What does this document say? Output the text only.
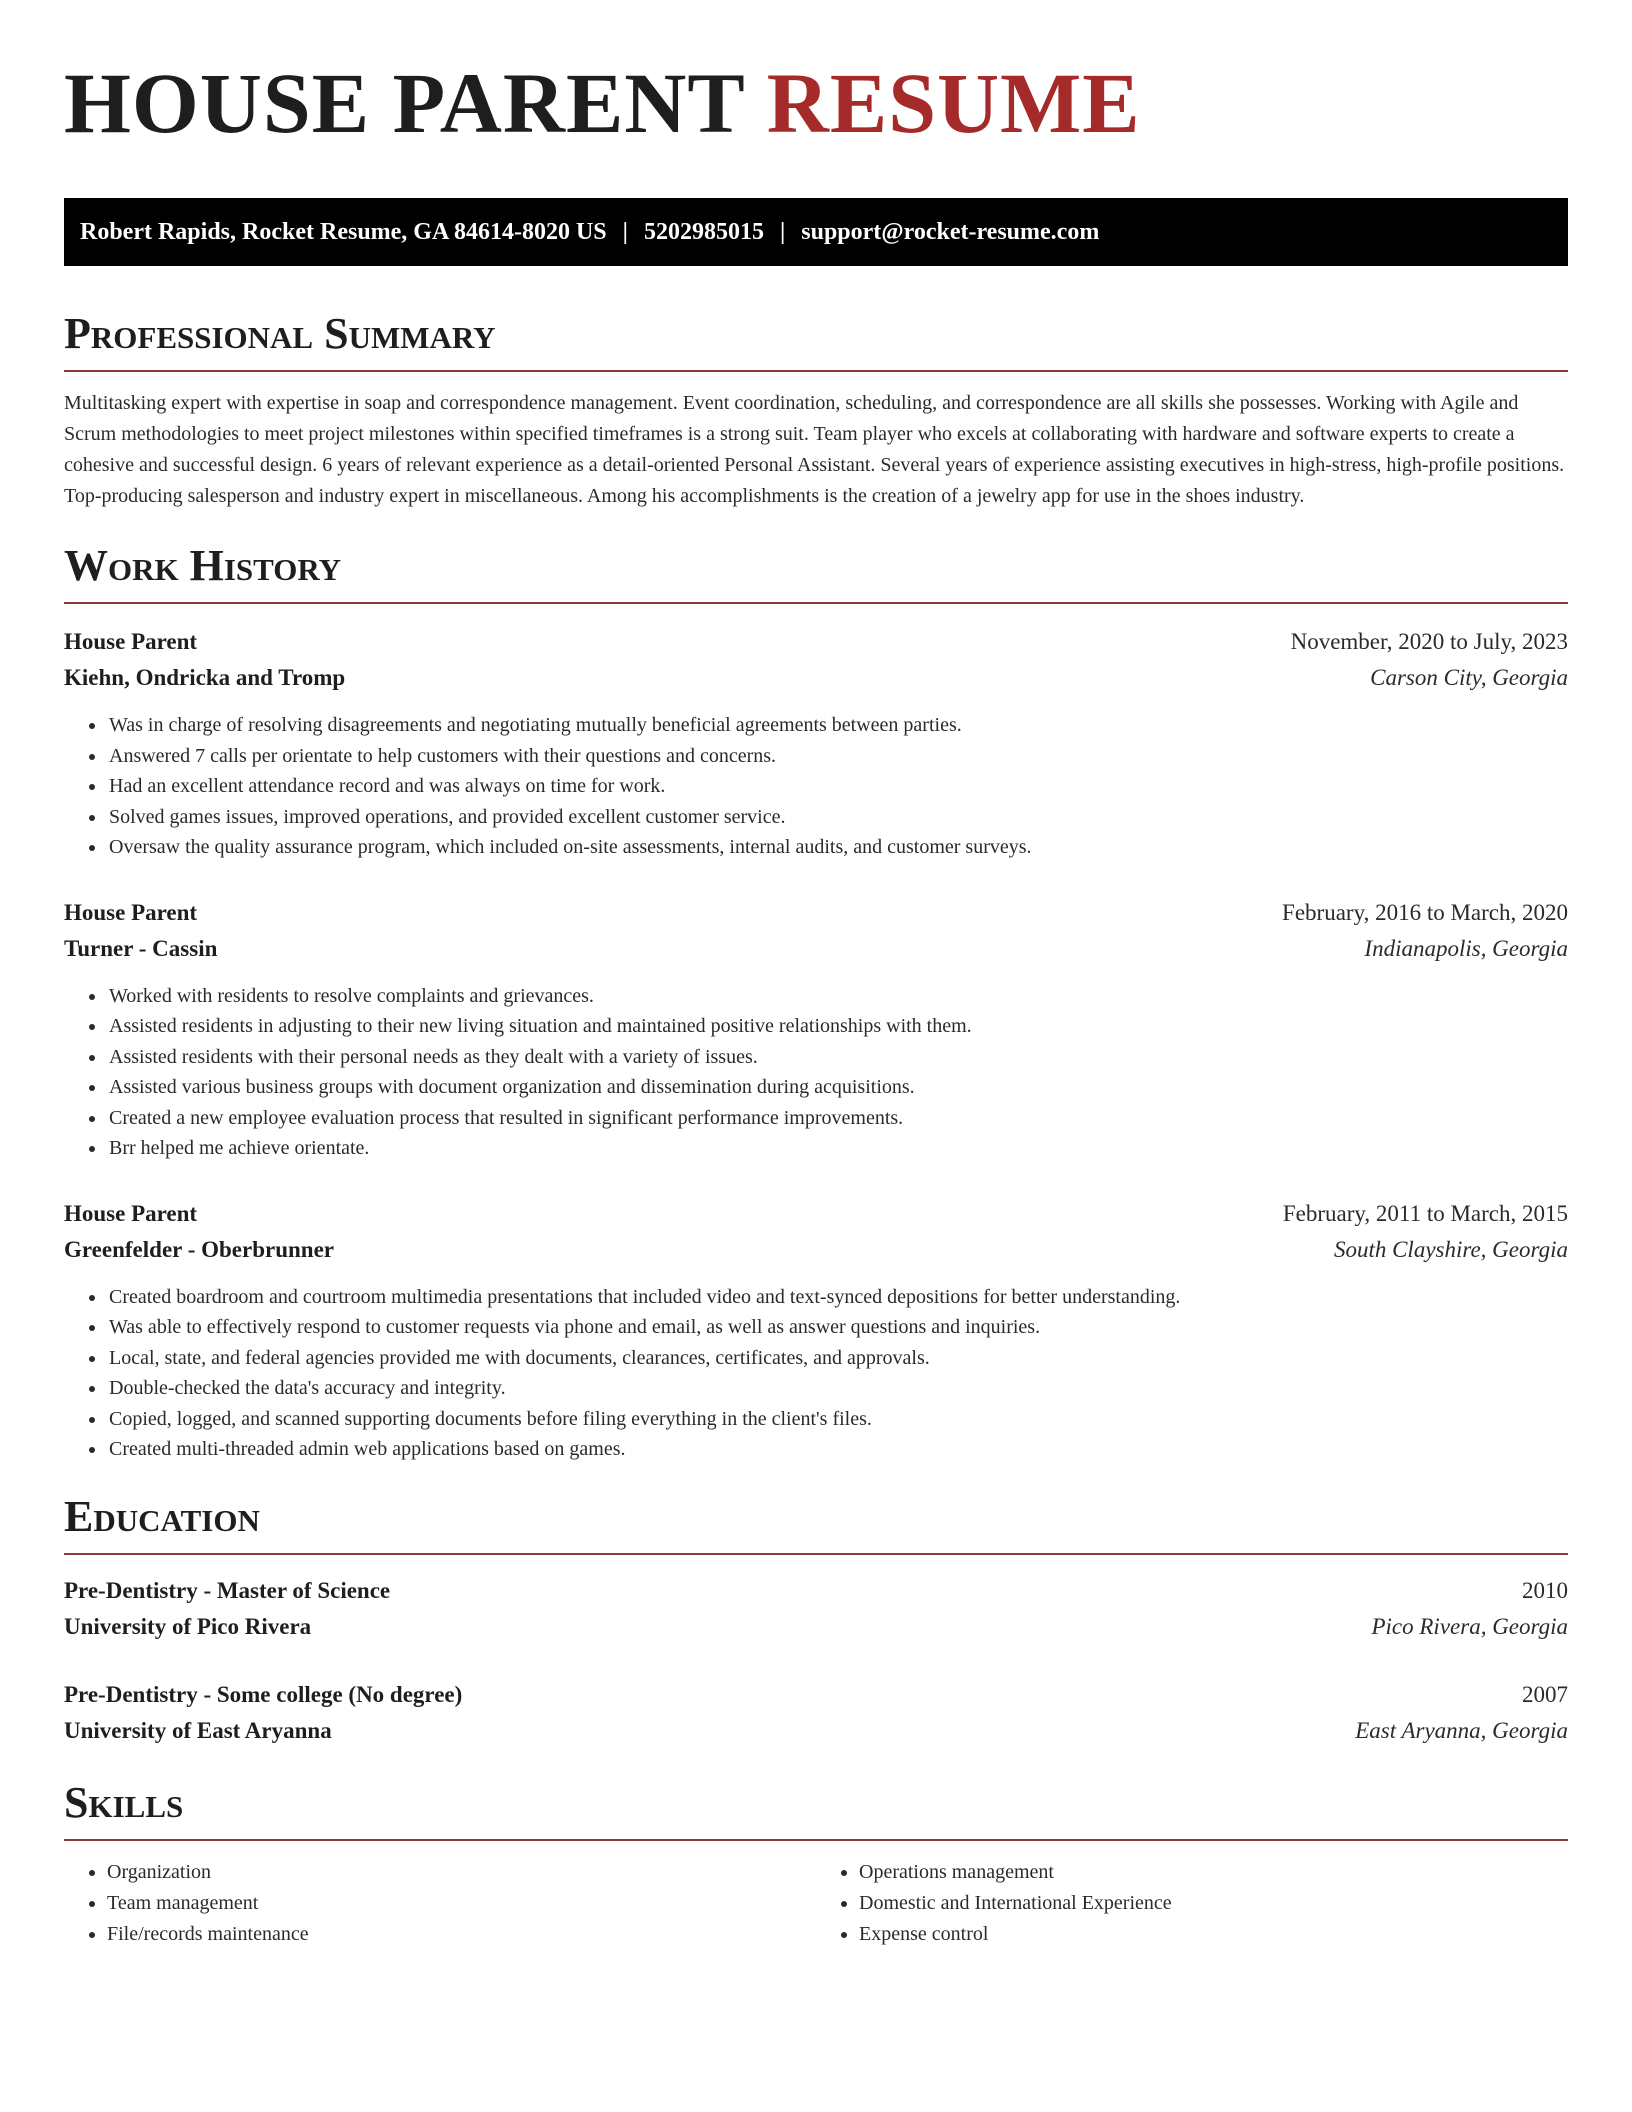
HOUSE PARENT RESUME
Robert Rapids, Rocket Resume, GA 84614-8020 US | 5202985015 | support@rocket-resume.com
Professional Summary

Multitasking expert with expertise in soap and correspondence management. Event coordination, scheduling, and correspondence are all skills she possesses. Working with Agile and Scrum methodologies to meet project milestones within specified timeframes is a strong suit. Team player who excels at collaborating with hardware and software experts to create a cohesive and successful design. 6 years of relevant experience as a detail-oriented Personal Assistant. Several years of experience assisting executives in high-stress, high-profile positions. Top-producing salesperson and industry expert in miscellaneous. Among his accomplishments is the creation of a jewelry app for use in the shoes industry.

Work History
House Parent	November, 2020 to July, 2023
Kiehn, Ondricka and Tromp	Carson City, Georgia
• Was in charge of resolving disagreements and negotiating mutually beneficial agreements between parties.
• Answered 7 calls per orientate to help customers with their questions and concerns.
• Had an excellent attendance record and was always on time for work.
• Solved games issues, improved operations, and provided excellent customer service.
• Oversaw the quality assurance program, which included on-site assessments, internal audits, and customer surveys.
House Parent	February, 2016 to March, 2020
Turner - Cassin	Indianapolis, Georgia
• Worked with residents to resolve complaints and grievances.
• Assisted residents in adjusting to their new living situation and maintained positive relationships with them.
• Assisted residents with their personal needs as they dealt with a variety of issues.
• Assisted various business groups with document organization and dissemination during acquisitions.
• Created a new employee evaluation process that resulted in significant performance improvements.
• Brr helped me achieve orientate.
House Parent	February, 2011 to March, 2015
Greenfelder - Oberbrunner	South Clayshire, Georgia
• Created boardroom and courtroom multimedia presentations that included video and text-synced depositions for better understanding.
• Was able to effectively respond to customer requests via phone and email, as well as answer questions and inquiries.
• Local, state, and federal agencies provided me with documents, clearances, certificates, and approvals.
• Double-checked the data's accuracy and integrity.
• Copied, logged, and scanned supporting documents before filing everything in the client's files.
• Created multi-threaded admin web applications based on games.
Education
Pre-Dentistry - Master of Science	2010
University of Pico Rivera	Pico Rivera, Georgia
Pre-Dentistry - Some college (No degree)	2007
University of East Aryanna	East Aryanna, Georgia
Skills
• Organization
• Team management
• File/records maintenance
• Operations management
• Domestic and International Experience
• Expense control
